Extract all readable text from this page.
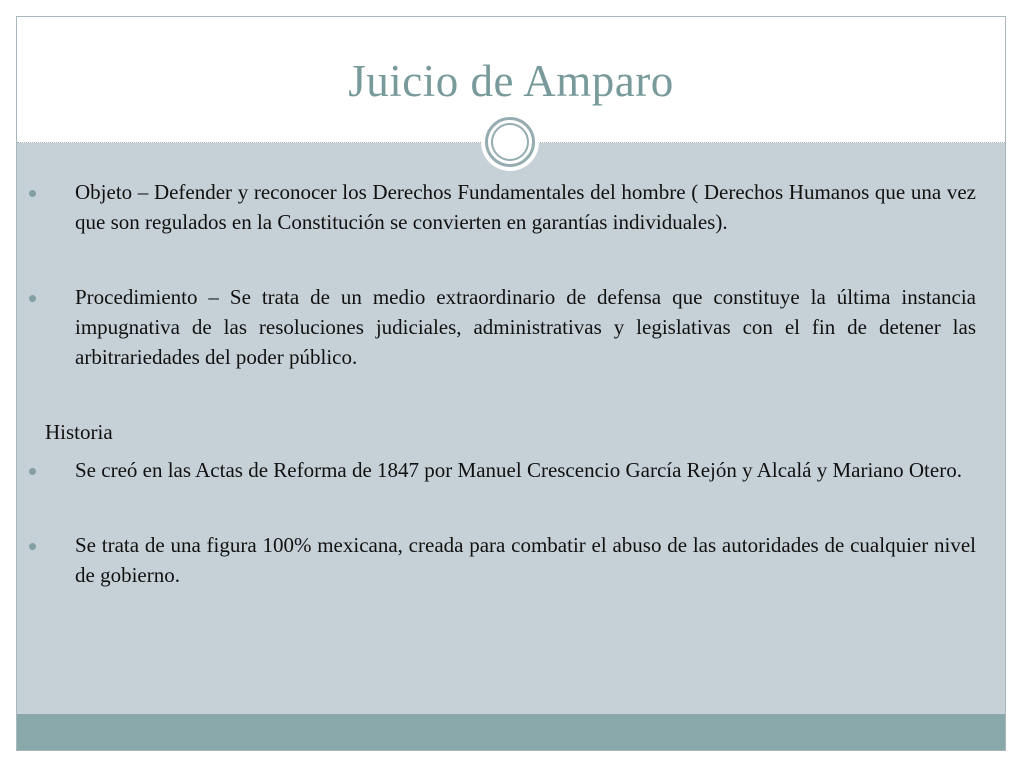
Juicio de Amparo
Objeto – Defender y reconocer los Derechos Fundamentales del hombre ( Derechos Humanos que una vez que son regulados en la Constitución se convierten en garantías individuales).
Procedimiento – Se trata de un medio extraordinario de defensa que constituye la última instancia impugnativa de las resoluciones judiciales, administrativas y legislativas con el fin de detener las arbitrariedades del poder público.
Historia
Se creó en las Actas de Reforma de 1847 por Manuel Crescencio García Rejón y Alcalá y Mariano Otero.
Se trata de una figura 100% mexicana, creada para combatir el abuso de las autoridades de cualquier nivel de gobierno.
